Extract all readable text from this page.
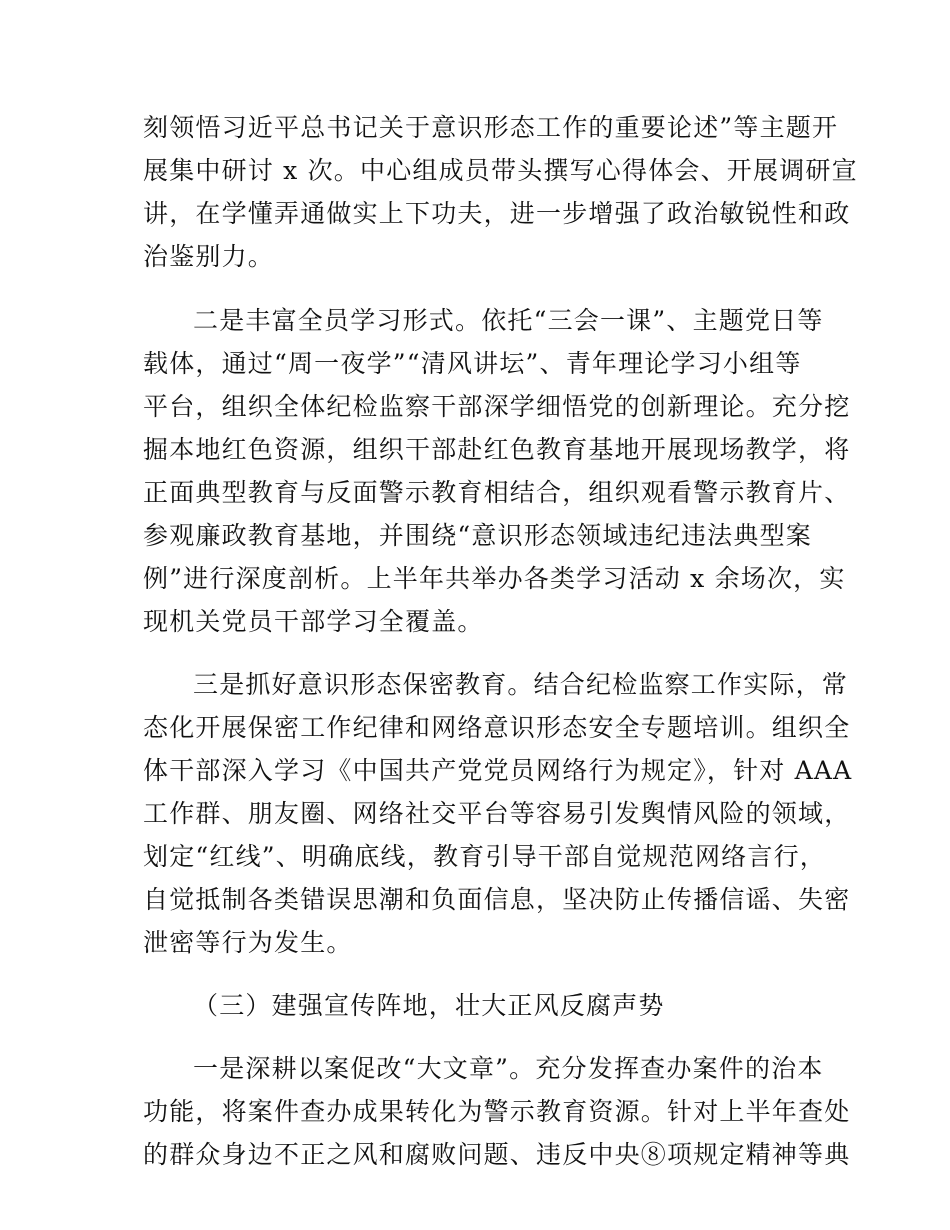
刻领悟习近平总书记关于意识形态工作的重要论述”等主题开
展集中研讨 x 次。中心组成员带头撰写心得体会、开展调研宣
讲，在学懂弄通做实上下功夫，进一步增强了政治敏锐性和政
治鉴别力。
二是丰富全员学习形式。依托“三会一课”、主题党日等
载体，通过“周一夜学”“清风讲坛”、青年理论学习小组等
平台，组织全体纪检监察干部深学细悟党的创新理论。充分挖
掘本地红色资源，组织干部赴红色教育基地开展现场教学，将
正面典型教育与反面警示教育相结合，组织观看警示教育片、
参观廉政教育基地，并围绕“意识形态领域违纪违法典型案
例”进行深度剖析。上半年共举办各类学习活动 x 余场次，实
现机关党员干部学习全覆盖。
三是抓好意识形态保密教育。结合纪检监察工作实际，常
态化开展保密工作纪律和网络意识形态安全专题培训。组织全
体干部深入学习《中国共产党党员网络行为规定》，针对 AAA
工作群、朋友圈、网络社交平台等容易引发舆情风险的领域，
划定“红线”、明确底线，教育引导干部自觉规范网络言行，
自觉抵制各类错误思潮和负面信息，坚决防止传播信谣、失密
泄密等行为发生。
（三）建强宣传阵地，壮大正风反腐声势
一是深耕以案促改“大文章”。充分发挥查办案件的治本
功能，将案件查办成果转化为警示教育资源。针对上半年查处
的群众身边不正之风和腐败问题、违反中央⑧项规定精神等典
